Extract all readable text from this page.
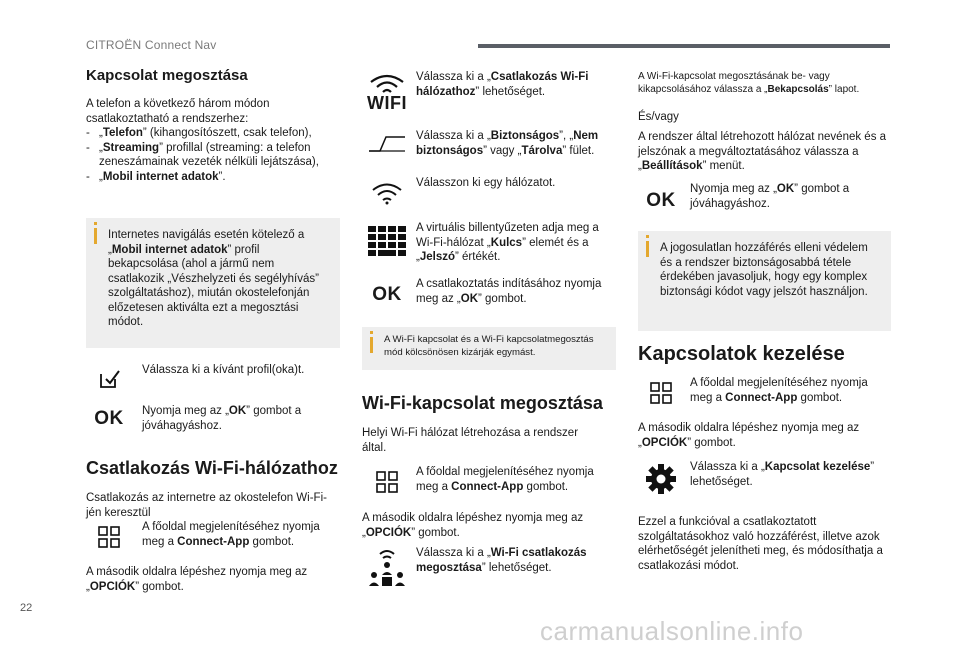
CITROËN Connect Nav
Kapcsolat megosztása
A telefon a következő három módon csatlakoztatható a rendszerhez:
- „Telefon” (kihangosítószett, csak telefon),
- „Streaming” profillal (streaming: a telefon zeneszámainak vezeték nélküli lejátszása),
- „Mobil internet adatok”.
Internetes navigálás esetén kötelező a „Mobil internet adatok” profil bekapcsolása (ahol a jármű nem csatlakozik „Vészhelyzeti és segélyhívás” szolgáltatáshoz), miután okostelefonján előzetesen aktiválta ezt a megosztási módot.
Válassza ki a kívánt profil(oka)t.
OK	Nyomja meg az „OK” gombot a jóváhagyáshoz.
Csatlakozás Wi-Fi-hálózathoz
Csatlakozás az internetre az okostelefon Wi-Fi-jén keresztül
A főoldal megjelenítéséhez nyomja meg a Connect-App gombot.
A második oldalra lépéshez nyomja meg az „OPCIÓK” gombot.
WIFI
Válassza ki a „Csatlakozás Wi-Fi hálózathoz” lehetőséget.
Válassza ki a „Biztonságos”, „Nem biztonságos” vagy „Tárolva” fület.
Válasszon ki egy hálózatot.
A virtuális billentyűzeten adja meg a Wi-Fi-hálózat „Kulcs” elemét és a „Jelszó” értékét.
OK	A csatlakoztatás indításához nyomja meg az „OK” gombot.
A Wi-Fi kapcsolat és a Wi-Fi kapcsolatmegosztás mód kölcsönösen kizárják egymást.
Wi-Fi-kapcsolat megosztása
Helyi Wi-Fi hálózat létrehozása a rendszer által.
A főoldal megjelenítéséhez nyomja meg a Connect-App gombot.
A második oldalra lépéshez nyomja meg az „OPCIÓK” gombot.
Válassza ki a „Wi-Fi csatlakozás megosztása” lehetőséget.
A Wi-Fi-kapcsolat megosztásának be- vagy kikapcsolásához válassza a „Bekapcsolás” lapot.
És/vagy
A rendszer által létrehozott hálózat nevének és a jelszónak a megváltoztatásához válassza a „Beállítások” menüt.
OK
Nyomja meg az „OK” gombot a jóváhagyáshoz.
A jogosulatlan hozzáférés elleni védelem és a rendszer biztonságosabbá tétele érdekében javasoljuk, hogy egy komplex biztonsági kódot vagy jelszót használjon.
Kapcsolatok kezelése
A főoldal megjelenítéséhez nyomja meg a Connect-App gombot.
A második oldalra lépéshez nyomja meg az „OPCIÓK” gombot.
Válassza ki a „Kapcsolat kezelése” lehetőséget.
Ezzel a funkcióval a csatlakoztatott szolgáltatásokhoz való hozzáférést, illetve azok elérhetőségét jelenítheti meg, és módosíthatja a csatlakozási módot.
22
carmanualsonline.info
